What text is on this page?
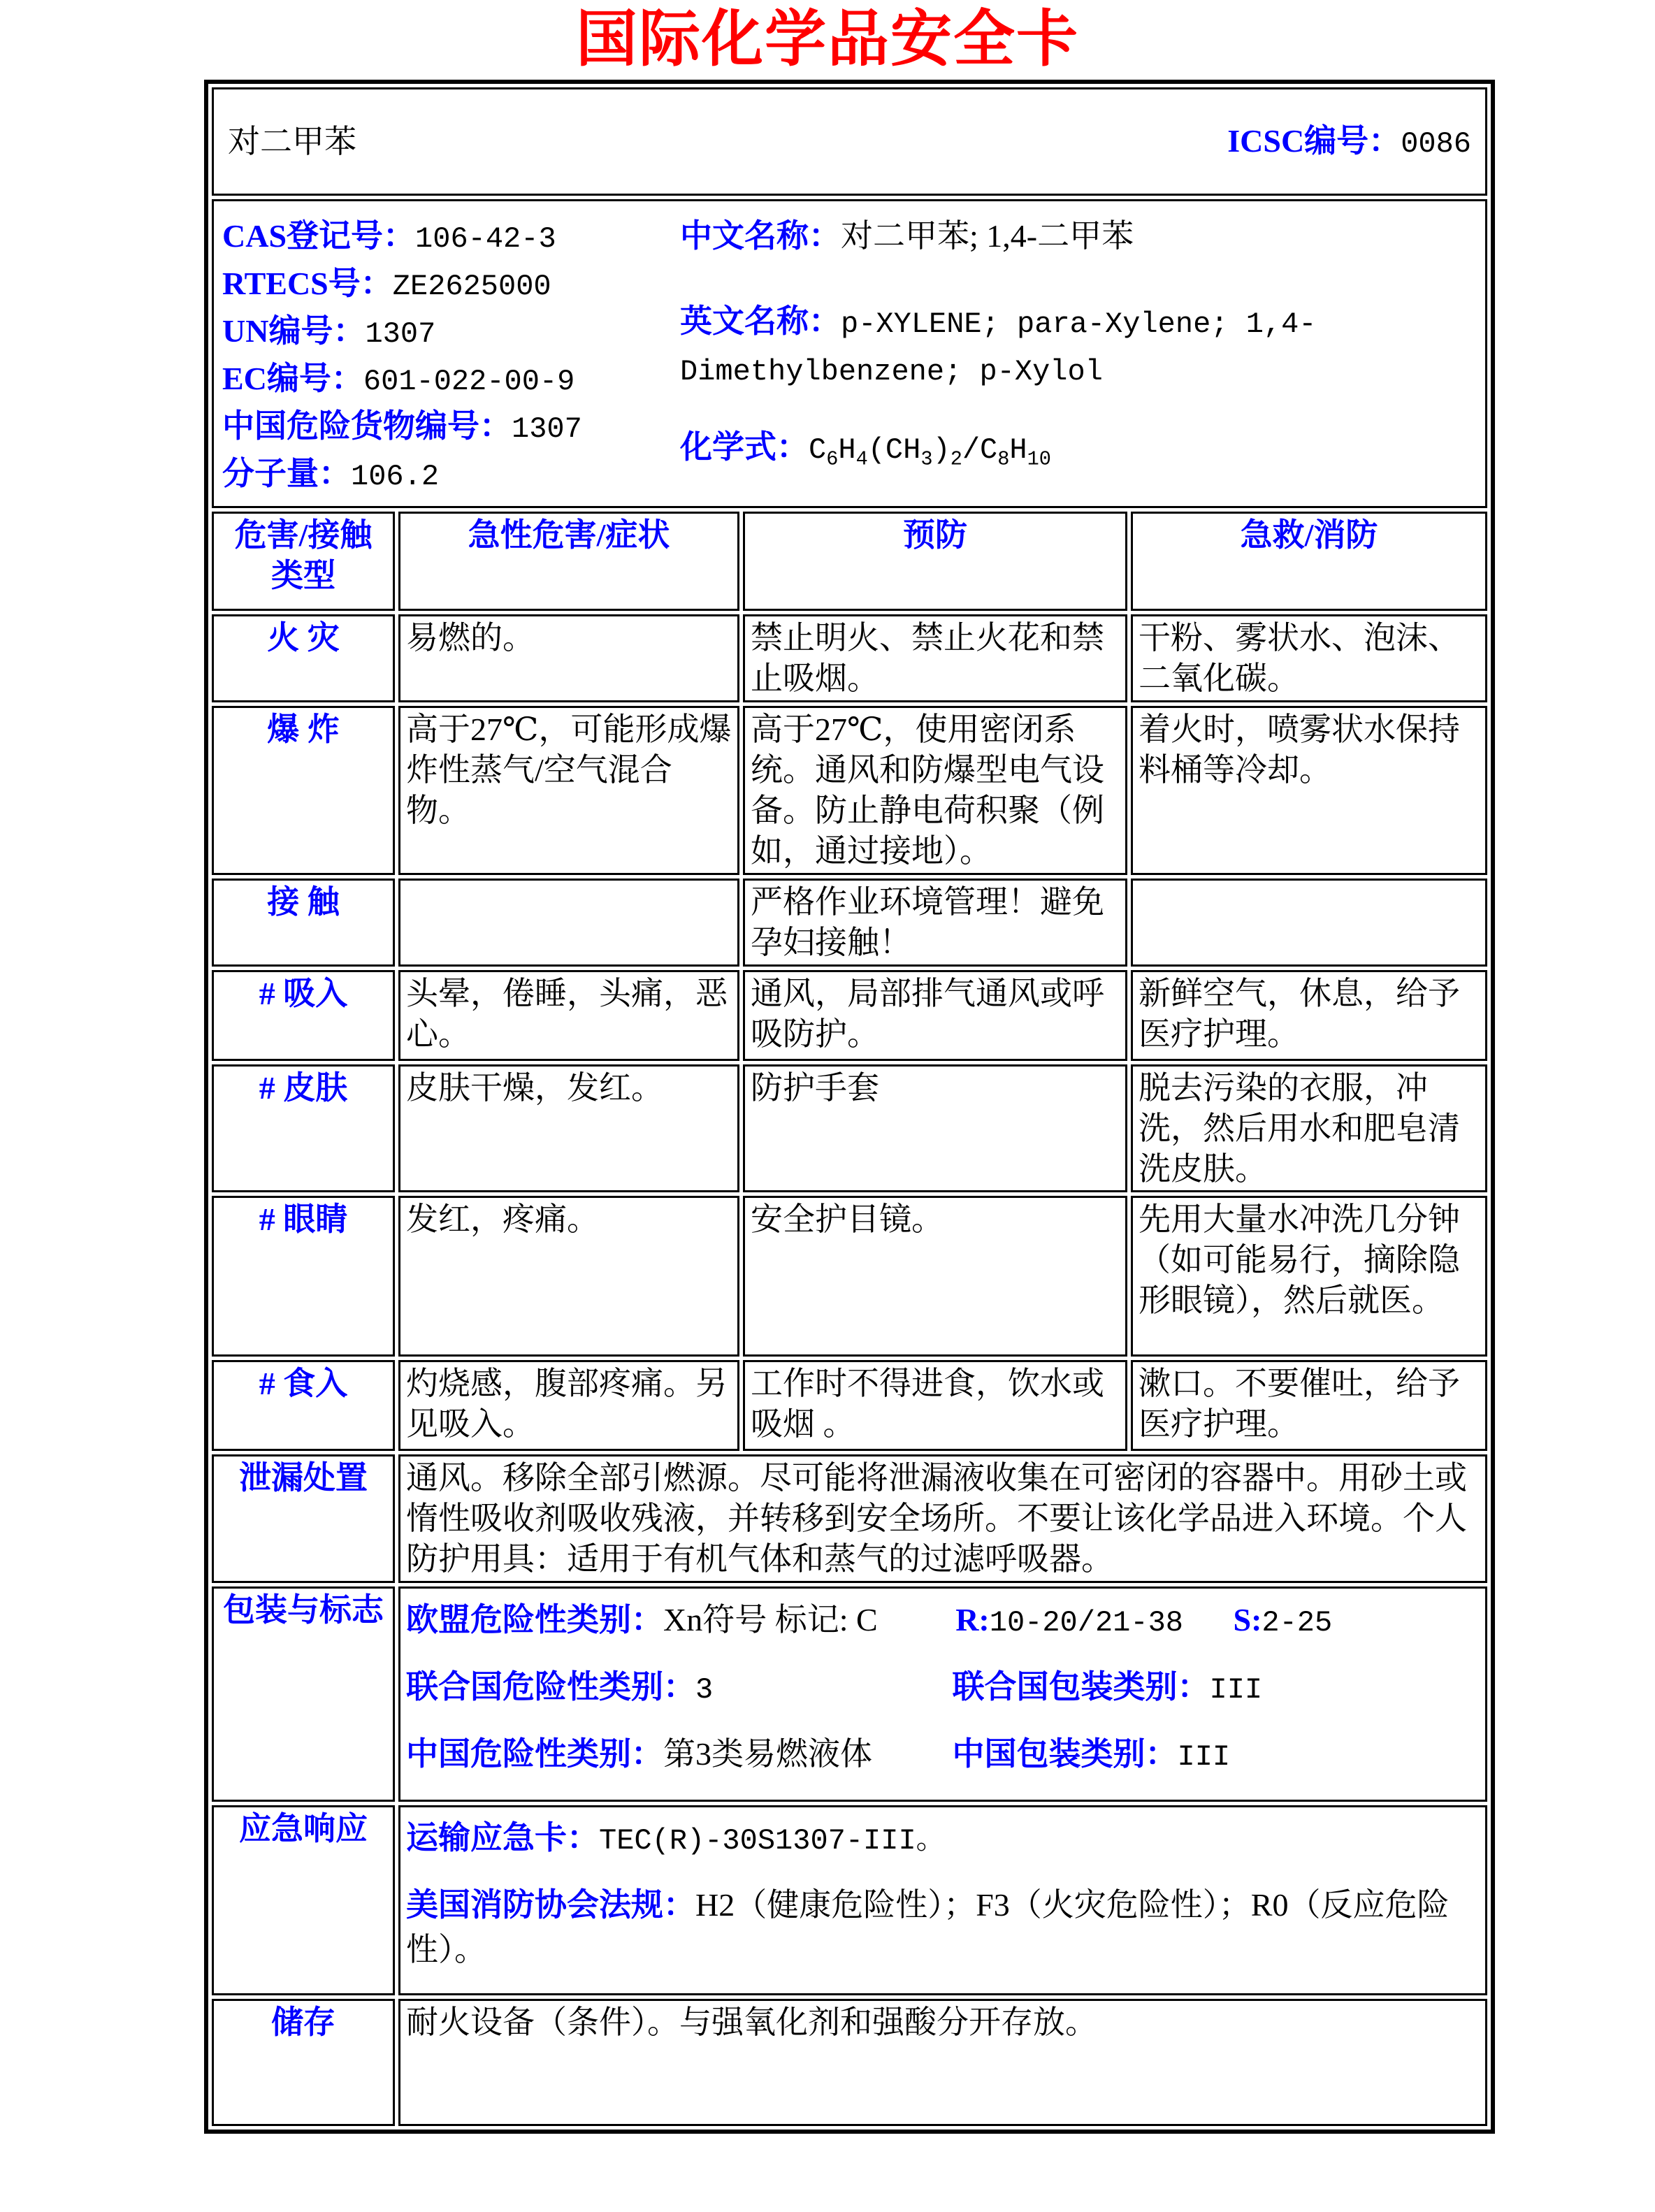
国际化学品安全卡
对二甲苯 ICSC编号：0086			

CAS登记号：106-42-3
RTECS号：ZE2625000
UN编号：1307
EC编号：601-022-00-9
中国危险货物编号：1307
分子量：106.2
中文名称：对二甲苯; 1,4-二甲苯
英文名称：p-XYLENE; para-Xylene; 1,4-Dimethylbenzene; p-Xylol
化学式：$C_6H_4(CH_3)_2/C_8H_{10}$

危害/接触类型	急性危害/症状	预防	急救/消防
火 灾	易燃的。	禁止明火、禁止火花和禁止吸烟。	干粉、雾状水、泡沫、二氧化碳。
爆 炸	高于27℃，可能形成爆炸性蒸气/空气混合物。	高于27℃，使用密闭系统。通风和防爆型电气设备。防止静电荷积聚（例如，通过接地）。	着火时，喷雾状水保持料桶等冷却。
接 触		严格作业环境管理！避免孕妇接触！	
# 吸入	头晕，倦睡，头痛，恶心。	通风，局部排气通风或呼吸防护。	新鲜空气，休息，给予医疗护理。
# 皮肤	皮肤干燥，发红。	防护手套	脱去污染的衣服，冲洗，然后用水和肥皂清洗皮肤。
# 眼睛	发红，疼痛。	安全护目镜。	先用大量水冲洗几分钟（如可能易行，摘除隐形眼镜），然后就医。
# 食入	灼烧感，腹部疼痛。另见吸入。	工作时不得进食，饮水或吸烟 。	漱口。不要催吐，给予医疗护理。
泄漏处置	通风。移除全部引燃源。尽可能将泄漏液收集在可密闭的容器中。用砂土或惰性吸收剂吸收残液，并转移到安全场所。不要让该化学品进入环境。个人防护用具：适用于有机气体和蒸气的过滤呼吸器。		

包装与标志	欧盟危险性类别：Xn符号 标记: C R:10-20/21-38 S:2-25
联合国危险性类别：3 联合国包装类别：III
中国危险性类别：第3类易燃液体 中国包装类别：III		

应急响应	运输应急卡：TEC(R)-30S1307-III。
美国消防协会法规：H2（健康危险性）；F3（火灾危险性）；R0（反应危险性）。		

储存	耐火设备（条件）。与强氧化剂和强酸分开存放。		
